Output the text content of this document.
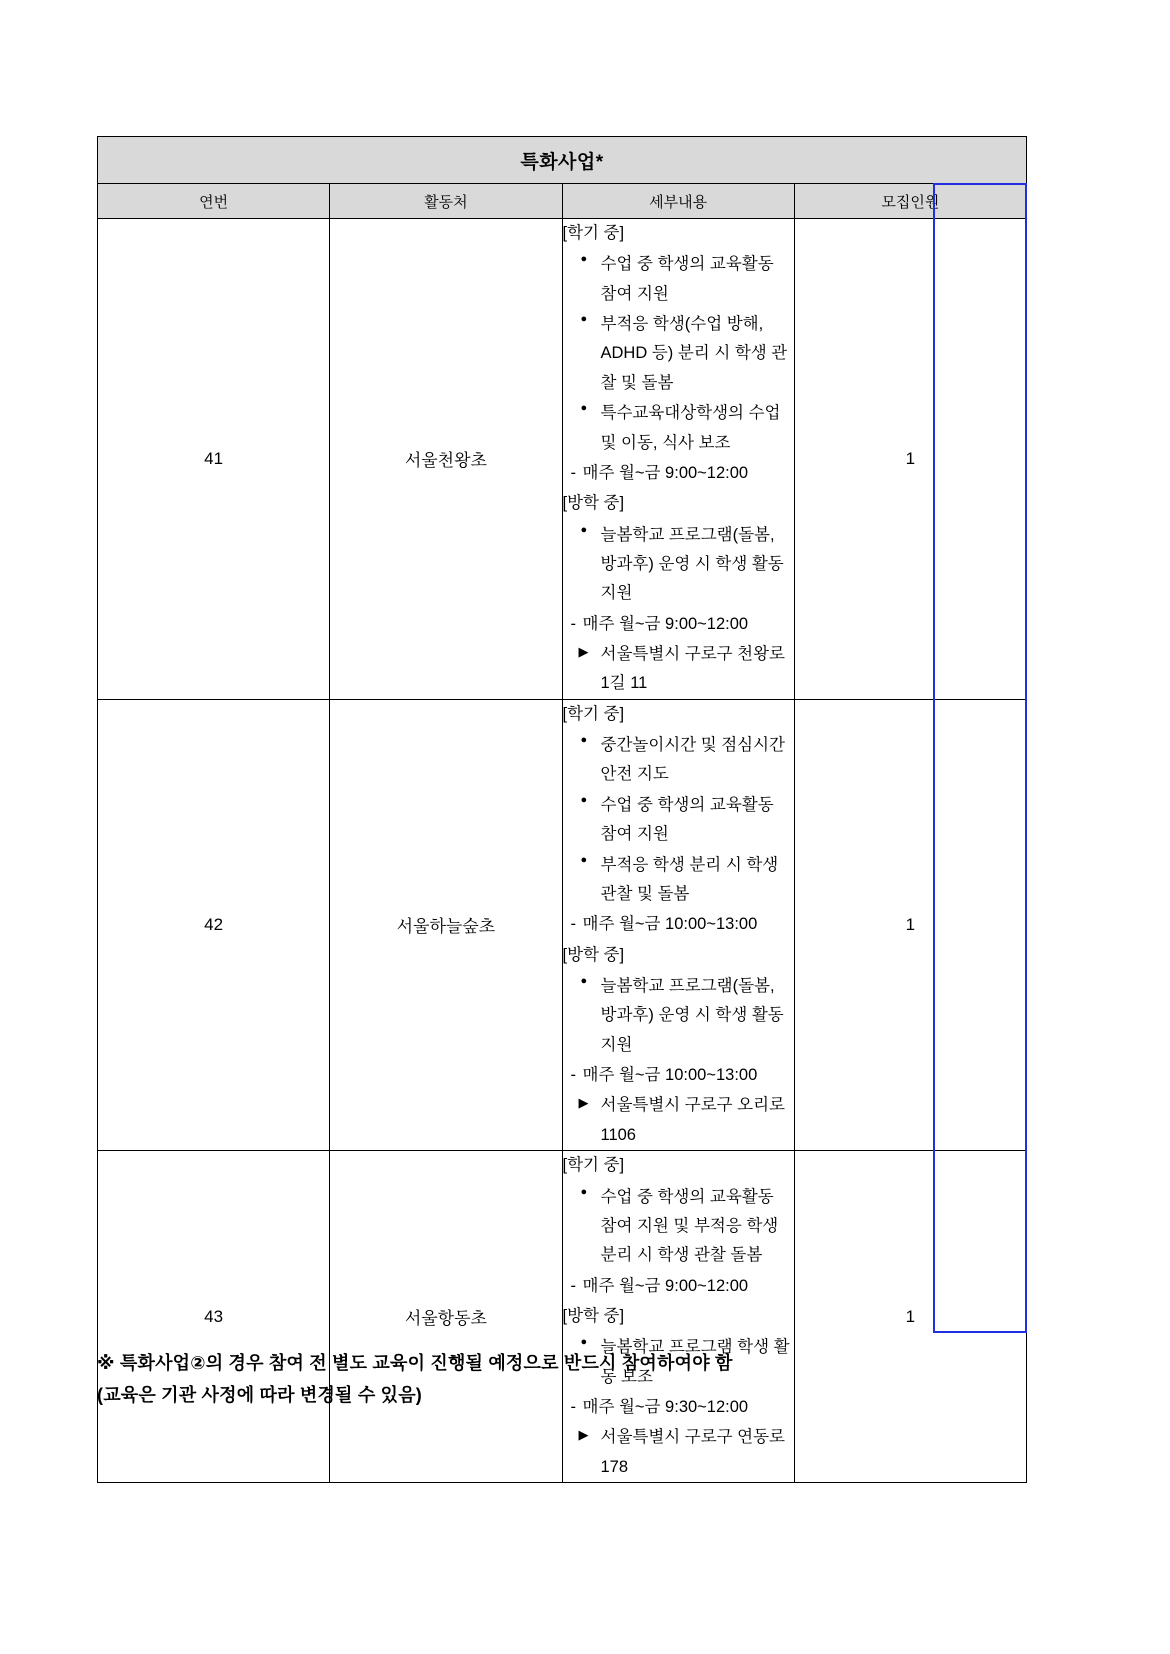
특화사업*			
연번	활동처	세부내용	모집인원
41	서울천왕초	
[학기 중]
● 수업 중 학생의 교육활동 참여 지원
● 부적응 학생(수업 방해, ADHD 등) 분리 시 학생 관찰 및 돌봄
● 특수교육대상학생의 수업 및 이동, 식사 보조
- 매주 월~금 9:00~12:00
[방학 중]
● 늘봄학교 프로그램(돌봄, 방과후) 운영 시 학생 활동 지원
- 매주 월~금 9:00~12:00
▶ 서울특별시 구로구 천왕로1길 11
	1
42	서울하늘숲초	
[학기 중]
● 중간놀이시간 및 점심시간 안전 지도
● 수업 중 학생의 교육활동 참여 지원
● 부적응 학생 분리 시 학생 관찰 및 돌봄
- 매주 월~금 10:00~13:00
[방학 중]
● 늘봄학교 프로그램(돌봄, 방과후) 운영 시 학생 활동 지원
- 매주 월~금 10:00~13:00
▶ 서울특별시 구로구 오리로 1106
	1
43	서울항동초	
[학기 중]
● 수업 중 학생의 교육활동 참여 지원 및 부적응 학생 분리 시 학생 관찰 돌봄
- 매주 월~금 9:00~12:00
[방학 중]
● 늘봄학교 프로그램 학생 활동 보조
- 매주 월~금 9:30~12:00
▶ 서울특별시 구로구 연동로 178
	1
※ 특화사업②의 경우 참여 전 별도 교육이 진행될 예정으로 반드시 참여하여야 함
(교육은 기관 사정에 따라 변경될 수 있음)
